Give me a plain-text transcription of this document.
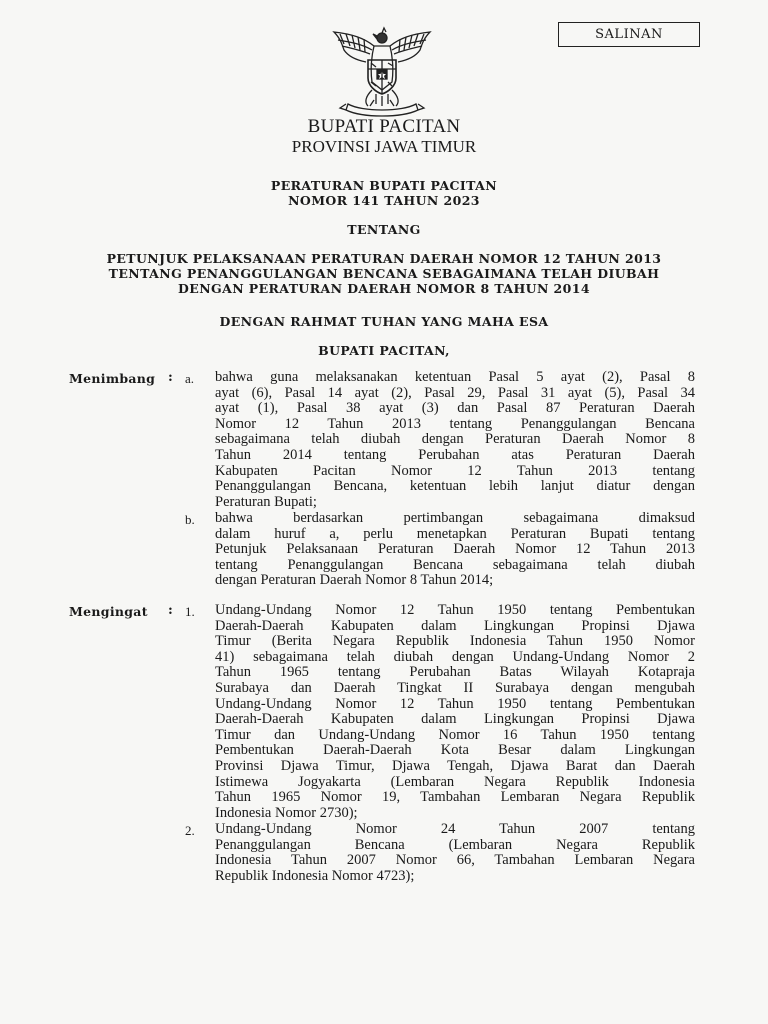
SALINAN
BUPATI PACITAN
PROVINSI JAWA TIMUR
PERATURAN BUPATI PACITAN
NOMOR 141 TAHUN 2023
TENTANG
PETUNJUK PELAKSANAAN PERATURAN DAERAH NOMOR 12 TAHUN 2013
TENTANG PENANGGULANGAN BENCANA SEBAGAIMANA TELAH DIUBAH
DENGAN PERATURAN DAERAH NOMOR 8 TAHUN 2014
DENGAN RAHMAT TUHAN YANG MAHA ESA
BUPATI PACITAN,
Menimbang : a. bahwa guna melaksanakan ketentuan Pasal 5 ayat (2), Pasal 8
ayat (6), Pasal 14 ayat (2), Pasal 29, Pasal 31 ayat (5), Pasal 34
ayat (1), Pasal 38 ayat (3) dan Pasal 87 Peraturan Daerah
Nomor 12 Tahun 2013 tentang Penanggulangan Bencana
sebagaimana telah diubah dengan Peraturan Daerah Nomor 8
Tahun 2014 tentang Perubahan atas Peraturan Daerah
Kabupaten Pacitan Nomor 12 Tahun 2013 tentang
Penanggulangan Bencana, ketentuan lebih lanjut diatur dengan
Peraturan Bupati;
b. bahwa berdasarkan pertimbangan sebagaimana dimaksud
dalam huruf a, perlu menetapkan Peraturan Bupati tentang
Petunjuk Pelaksanaan Peraturan Daerah Nomor 12 Tahun 2013
tentang Penanggulangan Bencana sebagaimana telah diubah
dengan Peraturan Daerah Nomor 8 Tahun 2014;
Mengingat : 1. Undang-Undang Nomor 12 Tahun 1950 tentang Pembentukan
Daerah-Daerah Kabupaten dalam Lingkungan Propinsi Djawa
Timur (Berita Negara Republik Indonesia Tahun 1950 Nomor
41) sebagaimana telah diubah dengan Undang-Undang Nomor 2
Tahun 1965 tentang Perubahan Batas Wilayah Kotapraja
Surabaya dan Daerah Tingkat II Surabaya dengan mengubah
Undang-Undang Nomor 12 Tahun 1950 tentang Pembentukan
Daerah-Daerah Kabupaten dalam Lingkungan Propinsi Djawa
Timur dan Undang-Undang Nomor 16 Tahun 1950 tentang
Pembentukan Daerah-Daerah Kota Besar dalam Lingkungan
Provinsi Djawa Timur, Djawa Tengah, Djawa Barat dan Daerah
Istimewa Jogyakarta (Lembaran Negara Republik Indonesia
Tahun 1965 Nomor 19, Tambahan Lembaran Negara Republik
Indonesia Nomor 2730);
2. Undang-Undang Nomor 24 Tahun 2007 tentang
Penanggulangan Bencana (Lembaran Negara Republik
Indonesia Tahun 2007 Nomor 66, Tambahan Lembaran Negara
Republik Indonesia Nomor 4723);
